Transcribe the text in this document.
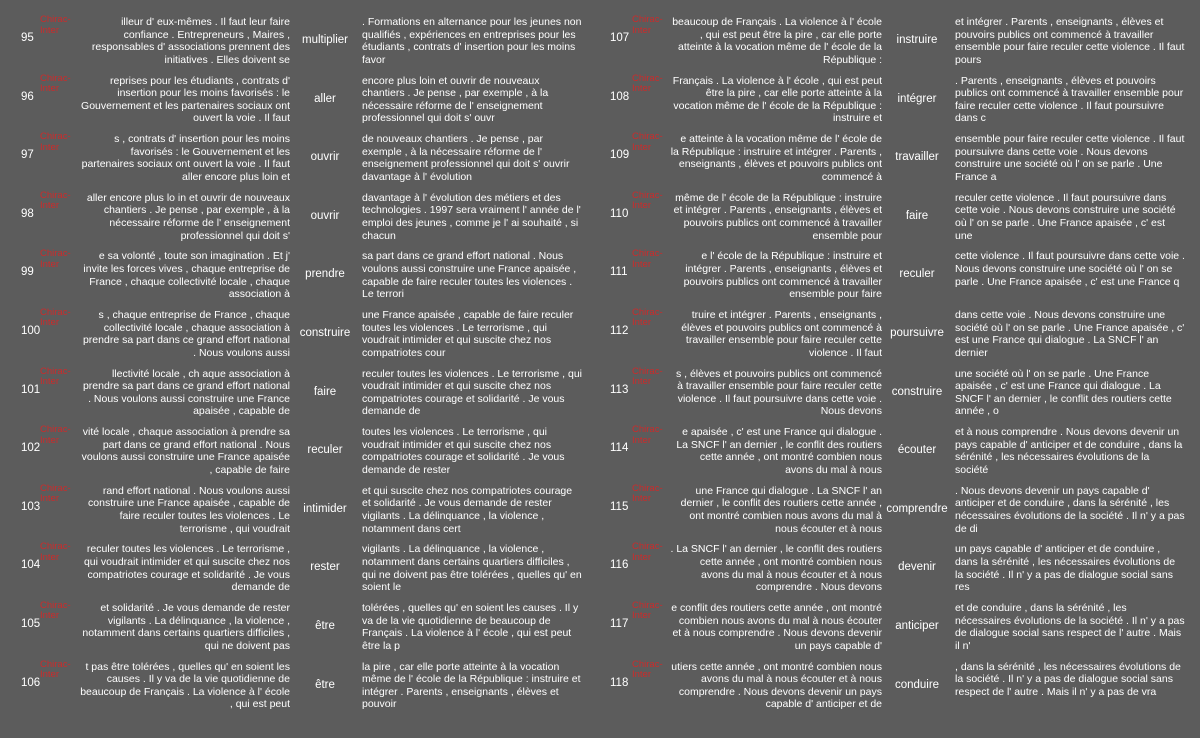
95
Chirac-Inter
illeur d' eux-mêmes . Il faut leur faire confiance . Entrepreneurs , Maires , responsables d' associations prennent des initiatives . Elles doivent se
multiplier
. Formations en alternance pour les jeunes non qualifiés , expériences en entreprises pour les étudiants , contrats d' insertion pour les moins favor
96
Chirac-Inter
reprises pour les étudiants , contrats d' insertion pour les moins favorisés : le Gouvernement et les partenaires sociaux ont ouvert la voie . Il faut
aller
encore plus loin et ouvrir de nouveaux chantiers . Je pense , par exemple , à la nécessaire réforme de l' enseignement professionnel qui doit s' ouvr
97
Chirac-Inter
s , contrats d' insertion pour les moins favorisés : le Gouvernement et les partenaires sociaux ont ouvert la voie . Il faut aller encore plus loin et
ouvrir
de nouveaux chantiers . Je pense , par exemple , à la nécessaire réforme de l' enseignement professionnel qui doit s' ouvrir davantage à l' évolution
98
Chirac-Inter
aller encore plus lo in et ouvrir de nouveaux chantiers . Je pense , par exemple , à la nécessaire réforme de l' enseignement professionnel qui doit s'
ouvrir
davantage à l' évolution des métiers et des technologies . 1997 sera vraiment l' année de l' emploi des jeunes , comme je l' ai souhaité , si chacun
99
Chirac-Inter
e sa volonté , toute son imagination . Et j' invite les forces vives , chaque entreprise de France , chaque collectivité locale , chaque association à
prendre
sa part dans ce grand effort national . Nous voulons aussi construire une France apaisée , capable de faire reculer toutes les violences . Le terrori
100
Chirac-Inter
s , chaque entreprise de France , chaque collectivité locale , chaque association à prendre sa part dans ce grand effort national . Nous voulons aussi
construire
une France apaisée , capable de faire reculer toutes les violences . Le terrorisme , qui voudrait intimider et qui suscite chez nos compatriotes cour
101
Chirac-Inter
llectivité locale , ch aque association à prendre sa part dans ce grand effort national . Nous voulons aussi construire une France apaisée , capable de
faire
reculer toutes les violences . Le terrorisme , qui voudrait intimider et qui suscite chez nos compatriotes courage et solidarité . Je vous demande de
102
Chirac-Inter
vité locale , chaque association à prendre sa part dans ce grand effort national . Nous voulons aussi construire une France apaisée , capable de faire
reculer
toutes les violences . Le terrorisme , qui voudrait intimider et qui suscite chez nos compatriotes courage et solidarité . Je vous demande de rester
103
Chirac-Inter
rand effort national . Nous voulons aussi construire une France apaisée , capable de faire reculer toutes les violences . Le terrorisme , qui voudrait
intimider
et qui suscite chez nos compatriotes courage et solidarité . Je vous demande de rester vigilants . La délinquance , la violence , notamment dans cert
104
Chirac-Inter
reculer toutes les violences . Le terrorisme , qui voudrait intimider et qui suscite chez nos compatriotes courage et solidarité . Je vous demande de
rester
vigilants . La délinquance , la violence , notamment dans certains quartiers difficiles , qui ne doivent pas être tolérées , quelles qu' en soient le
105
Chirac-Inter
et solidarité . Je vous demande de rester vigilants . La délinquance , la violence , notamment dans certains quartiers difficiles , qui ne doivent pas
être
tolérées , quelles qu' en soient les causes . Il y va de la vie quotidienne de beaucoup de Français . La violence à l' école , qui est peut être la p
106
Chirac-Inter
t pas être tolérées , quelles qu' en soient les causes . Il y va de la vie quotidienne de beaucoup de Français . La violence à l' école , qui est peut
être
la pire , car elle porte atteinte à la vocation même de l' école de la République : instruire et intégrer . Parents , enseignants , élèves et pouvoir
107
Chirac-Inter
beaucoup de Français . La violence à l' école , qui est peut être la pire , car elle porte atteinte à la vocation même de l' école de la République :
instruire
et intégrer . Parents , enseignants , élèves et pouvoirs publics ont commencé à travailler ensemble pour faire reculer cette violence . Il faut pours
108
Chirac-Inter
Français . La violence à l' école , qui est peut être la pire , car elle porte atteinte à la vocation même de l' école de la République : instruire et
intégrer
. Parents , enseignants , élèves et pouvoirs publics ont commencé à travailler ensemble pour faire reculer cette violence . Il faut poursuivre dans c
109
Chirac-Inter
e atteinte à la vocation même de l' école de la République : instruire et intégrer . Parents , enseignants , élèves et pouvoirs publics ont commencé à
travailler
ensemble pour faire reculer cette violence . Il faut poursuivre dans cette voie . Nous devons construire une société où l' on se parle . Une France a
110
Chirac-Inter
même de l' école de la République : instruire et intégrer . Parents , enseignants , élèves et pouvoirs publics ont commencé à travailler ensemble pour
faire
reculer cette violence . Il faut poursuivre dans cette voie . Nous devons construire une société où l' on se parle . Une France apaisée , c' est une
111
Chirac-Inter
e l' école de la République : instruire et intégrer . Parents , enseignants , élèves et pouvoirs publics ont commencé à travailler ensemble pour faire
reculer
cette violence . Il faut poursuivre dans cette voie . Nous devons construire une société où l' on se parle . Une France apaisée , c' est une France q
112
Chirac-Inter
truire et intégrer . Parents , enseignants , élèves et pouvoirs publics ont commencé à travailler ensemble pour faire reculer cette violence . Il faut
poursuivre
dans cette voie . Nous devons construire une société où l' on se parle . Une France apaisée , c' est une France qui dialogue . La SNCF l' an dernier
113
Chirac-Inter
s , élèves et pouvoirs publics ont commencé à travailler ensemble pour faire reculer cette violence . Il faut poursuivre dans cette voie . Nous devons
construire
une société où l' on se parle . Une France apaisée , c' est une France qui dialogue . La SNCF l' an dernier , le conflit des routiers cette année , o
114
Chirac-Inter
e apaisée , c' est une France qui dialogue . La SNCF l' an dernier , le conflit des routiers cette année , ont montré combien nous avons du mal à nous
écouter
et à nous comprendre . Nous devons devenir un pays capable d' anticiper et de conduire , dans la sérénité , les nécessaires évolutions de la société
115
Chirac-Inter
une France qui dialogue . La SNCF l' an dernier , le conflit des routiers cette année , ont montré combien nous avons du mal à nous écouter et à nous
comprendre
. Nous devons devenir un pays capable d' anticiper et de conduire , dans la sérénité , les nécessaires évolutions de la société . Il n' y a pas de di
116
Chirac-Inter
. La SNCF l' an dernier , le conflit des routiers cette année , ont montré combien nous avons du mal à nous écouter et à nous comprendre . Nous devons
devenir
un pays capable d' anticiper et de conduire , dans la sérénité , les nécessaires évolutions de la société . Il n' y a pas de dialogue social sans res
117
Chirac-Inter
e conflit des routiers cette année , ont montré combien nous avons du mal à nous écouter et à nous comprendre . Nous devons devenir un pays capable d'
anticiper
et de conduire , dans la sérénité , les nécessaires évolutions de la société . Il n' y a pas de dialogue social sans respect de l' autre . Mais il n'
118
Chirac-Inter
utiers cette année , ont montré combien nous avons du mal à nous écouter et à nous comprendre . Nous devons devenir un pays capable d' anticiper et de
conduire
, dans la sérénité , les nécessaires évolutions de la société . Il n' y a pas de dialogue social sans respect de l' autre . Mais il n' y a pas de vra
